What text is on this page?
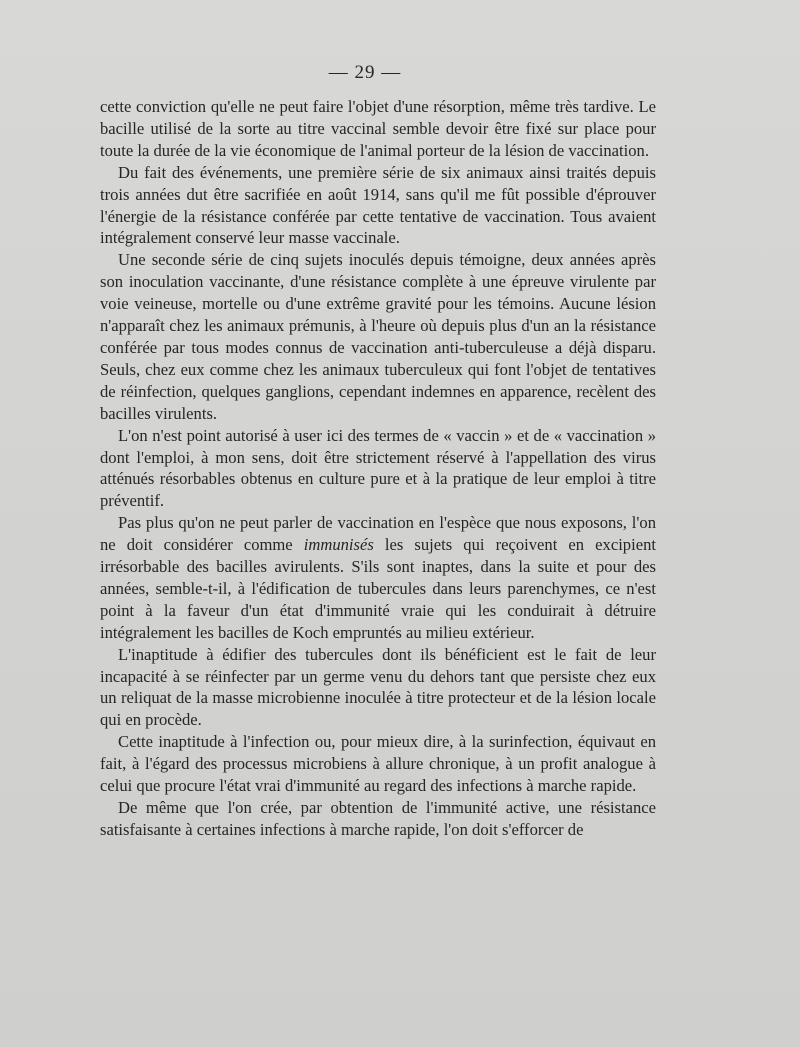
— 29 —

cette conviction qu'elle ne peut faire l'objet d'une résorption, même très tardive. Le bacille utilisé de la sorte au titre vaccinal semble devoir être fixé sur place pour toute la durée de la vie économique de l'animal porteur de la lésion de vaccination.

Du fait des événements, une première série de six animaux ainsi traités depuis trois années dut être sacrifiée en août 1914, sans qu'il me fût possible d'éprouver l'énergie de la résistance conférée par cette tentative de vaccination. Tous avaient intégralement conservé leur masse vaccinale.

Une seconde série de cinq sujets inoculés depuis témoigne, deux années après son inoculation vaccinante, d'une résistance complète à une épreuve virulente par voie veineuse, mortelle ou d'une extrême gravité pour les témoins. Aucune lésion n'apparaît chez les animaux prémunis, à l'heure où depuis plus d'un an la résistance conférée par tous modes connus de vaccination anti-tuberculeuse a déjà disparu. Seuls, chez eux comme chez les animaux tuberculeux qui font l'objet de tentatives de réinfection, quelques ganglions, cependant indemnes en apparence, recèlent des bacilles virulents.

L'on n'est point autorisé à user ici des termes de « vaccin » et de « vaccination » dont l'emploi, à mon sens, doit être strictement réservé à l'appellation des virus atténués résorbables obtenus en culture pure et à la pratique de leur emploi à titre préventif.

Pas plus qu'on ne peut parler de vaccination en l'espèce que nous exposons, l'on ne doit considérer comme immunisés les sujets qui reçoivent en excipient irrésorbable des bacilles avirulents. S'ils sont inaptes, dans la suite et pour des années, semble-t-il, à l'édification de tubercules dans leurs parenchymes, ce n'est point à la faveur d'un état d'immunité vraie qui les conduirait à détruire intégralement les bacilles de Koch empruntés au milieu extérieur.

L'inaptitude à édifier des tubercules dont ils bénéficient est le fait de leur incapacité à se réinfecter par un germe venu du dehors tant que persiste chez eux un reliquat de la masse microbienne inoculée à titre protecteur et de la lésion locale qui en procède.

Cette inaptitude à l'infection ou, pour mieux dire, à la surinfection, équivaut en fait, à l'égard des processus microbiens à allure chronique, à un profit analogue à celui que procure l'état vrai d'immunité au regard des infections à marche rapide.

De même que l'on crée, par obtention de l'immunité active, une résistance satisfaisante à certaines infections à marche rapide, l'on doit s'efforcer de
